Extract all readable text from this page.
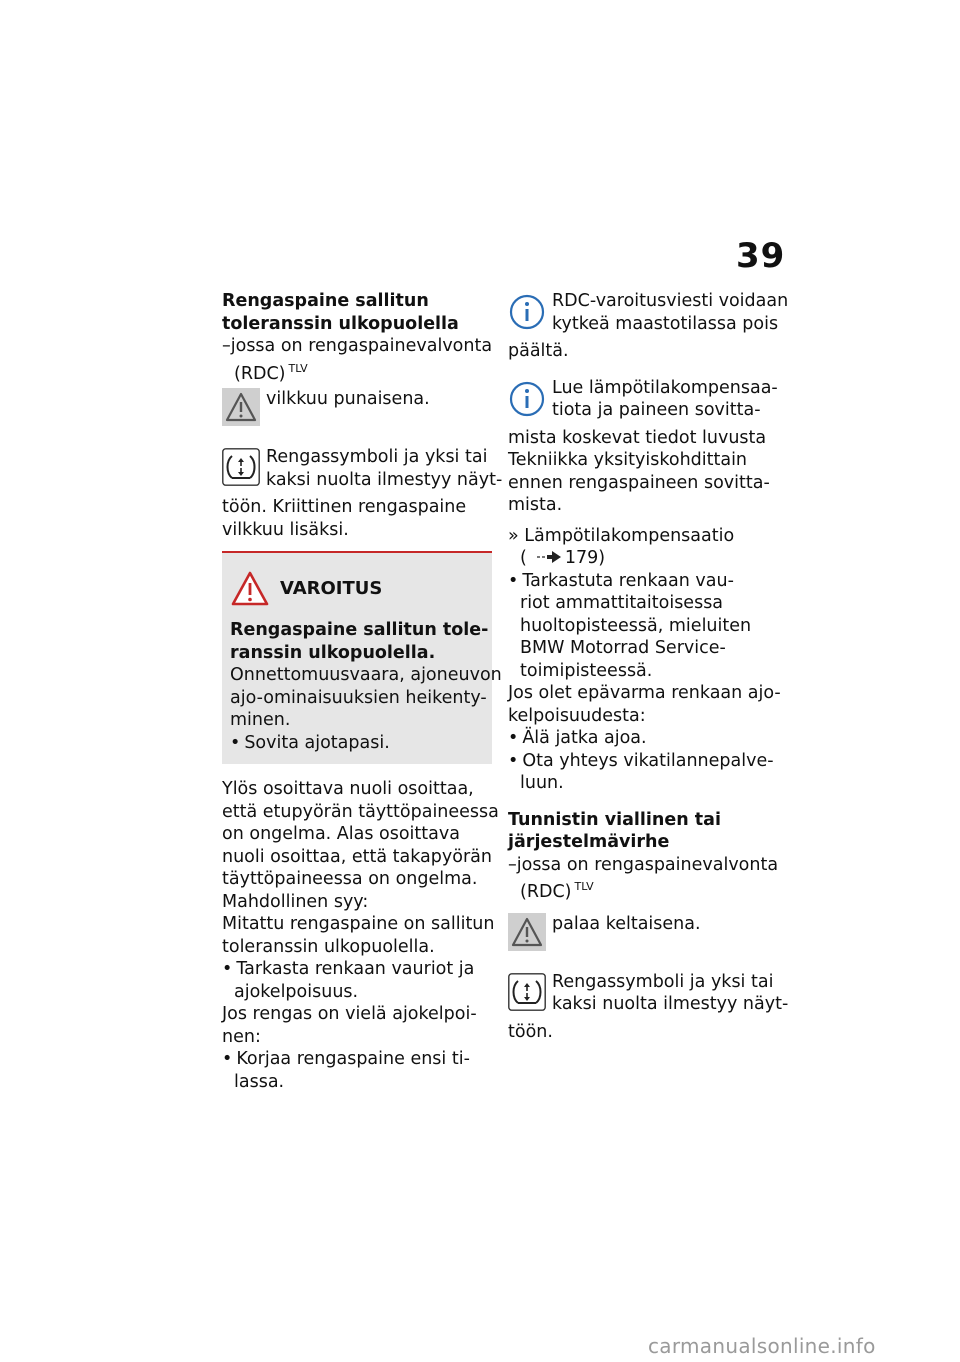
39
Rengaspaine sallitun
toleranssin ulkopuolella
–jossa on rengaspainevalvonta
(RDC) $^{TLV}$
vilkkuu punaisena.
Rengassymboli ja yksi tai
kaksi nuolta ilmestyy näyt-
töön. Kriittinen rengaspaine
vilkkuu lisäksi.
VAROITUS
Rengaspaine sallitun tole-
ranssin ulkopuolella.
Onnettomuusvaara, ajoneuvon
ajo-ominaisuuksien heikenty-
minen.
• Sovita ajotapasi.
Ylös osoittava nuoli osoittaa,
että etupyörän täyttöpaineessa
on ongelma. Alas osoittava
nuoli osoittaa, että takapyörän
täyttöpaineessa on ongelma.
Mahdollinen syy:
Mitattu rengaspaine on sallitun
toleranssin ulkopuolella.
• Tarkasta renkaan vauriot ja
ajokelpoisuus.
Jos rengas on vielä ajokelpoi-
nen:
• Korjaa rengaspaine ensi ti-
lassa.
RDC-varoitusviesti voidaan
kytkeä maastotilassa pois
päältä.
Lue lämpötilakompensaa-
tiota ja paineen sovitta-
mista koskevat tiedot luvusta
Tekniikka yksityiskohdittain
ennen rengaspaineen sovitta-
mista.
» Lämpötilakompensaatio
( 179)
• Tarkastuta renkaan vau-
riot ammattitaitoisessa
huoltopisteessä, mieluiten
BMW Motorrad Service-
toimipisteessä.
Jos olet epävarma renkaan ajo-
kelpoisuudesta:
• Älä jatka ajoa.
• Ota yhteys vikatilannepalve-
luun.
Tunnistin viallinen tai
järjestelmävirhe
–jossa on rengaspainevalvonta
(RDC) $^{TLV}$
palaa keltaisena.
Rengassymboli ja yksi tai
kaksi nuolta ilmestyy näyt-
töön.
carmanualsonline.info
